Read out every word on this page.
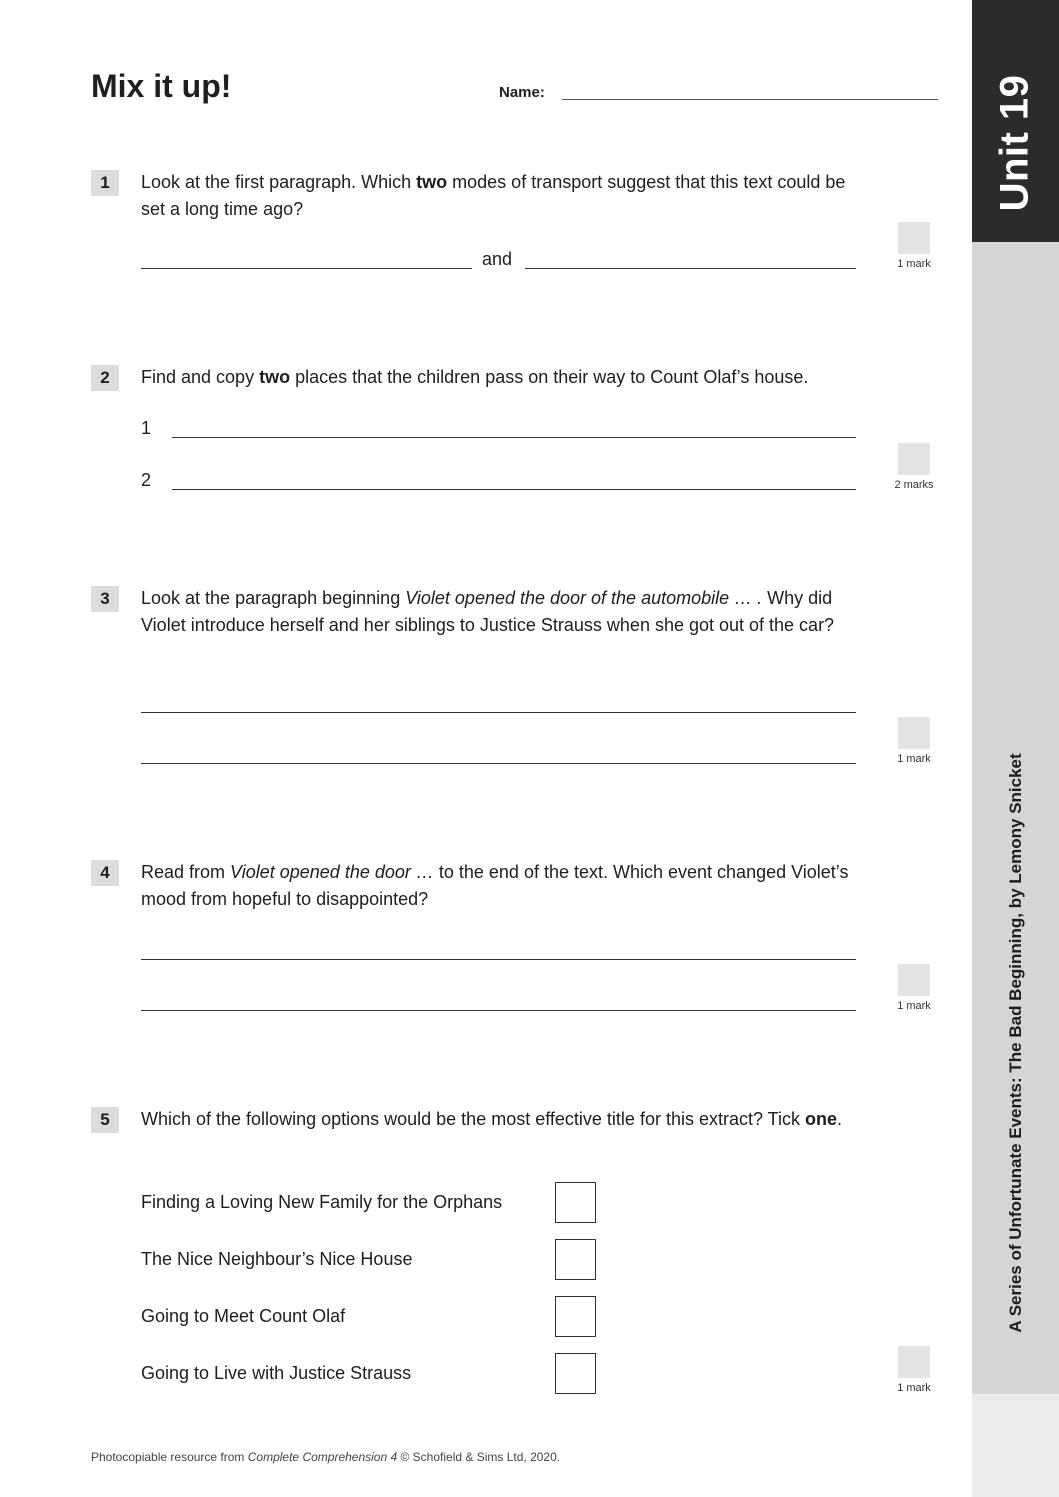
Unit 19
A Series of Unfortunate Events: The Bad Beginning, by Lemony Snicket
Mix it up!	Name:
1	Look at the first paragraph. Which two modes of transport suggest that this text could be set a long time ago?
and	1 mark
2	Find and copy two places that the children pass on their way to Count Olaf’s house.
1
2	2 marks
3	Look at the paragraph beginning Violet opened the door of the automobile … . Why did Violet introduce herself and her siblings to Justice Strauss when she got out of the car?
1 mark
4	Read from Violet opened the door … to the end of the text. Which event changed Violet’s mood from hopeful to disappointed?
1 mark
5	Which of the following options would be the most effective title for this extract? Tick one.
Finding a Loving New Family for the Orphans
The Nice Neighbour’s Nice House
Going to Meet Count Olaf
Going to Live with Justice Strauss
1 mark
Photocopiable resource from Complete Comprehension 4 © Schofield & Sims Ltd, 2020.
